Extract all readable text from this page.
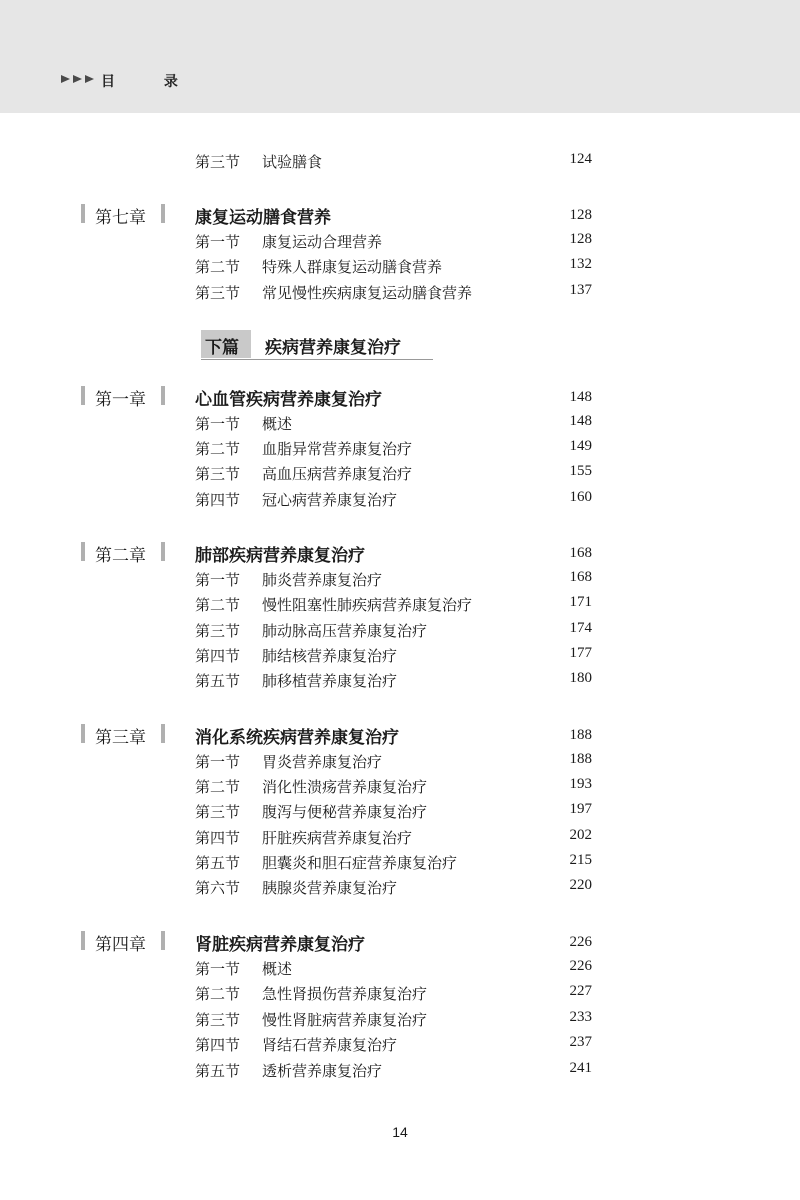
目 录
第三节 试验膳食	124
第七章	康复运动膳食营养	128
第一节 康复运动合理营养	128
第二节 特殊人群康复运动膳食营养	132
第三节 常见慢性疾病康复运动膳食营养	137
下篇 疾病营养康复治疗
第一章	心血管疾病营养康复治疗	148
第一节 概述	148
第二节 血脂异常营养康复治疗	149
第三节 高血压病营养康复治疗	155
第四节 冠心病营养康复治疗	160
第二章	肺部疾病营养康复治疗	168
第一节 肺炎营养康复治疗	168
第二节 慢性阻塞性肺疾病营养康复治疗	171
第三节 肺动脉高压营养康复治疗	174
第四节 肺结核营养康复治疗	177
第五节 肺移植营养康复治疗	180
第三章	消化系统疾病营养康复治疗	188
第一节 胃炎营养康复治疗	188
第二节 消化性溃疡营养康复治疗	193
第三节 腹泻与便秘营养康复治疗	197
第四节 肝脏疾病营养康复治疗	202
第五节 胆囊炎和胆石症营养康复治疗	215
第六节 胰腺炎营养康复治疗	220
第四章	肾脏疾病营养康复治疗	226
第一节 概述	226
第二节 急性肾损伤营养康复治疗	227
第三节 慢性肾脏病营养康复治疗	233
第四节 肾结石营养康复治疗	237
第五节 透析营养康复治疗	241
14
